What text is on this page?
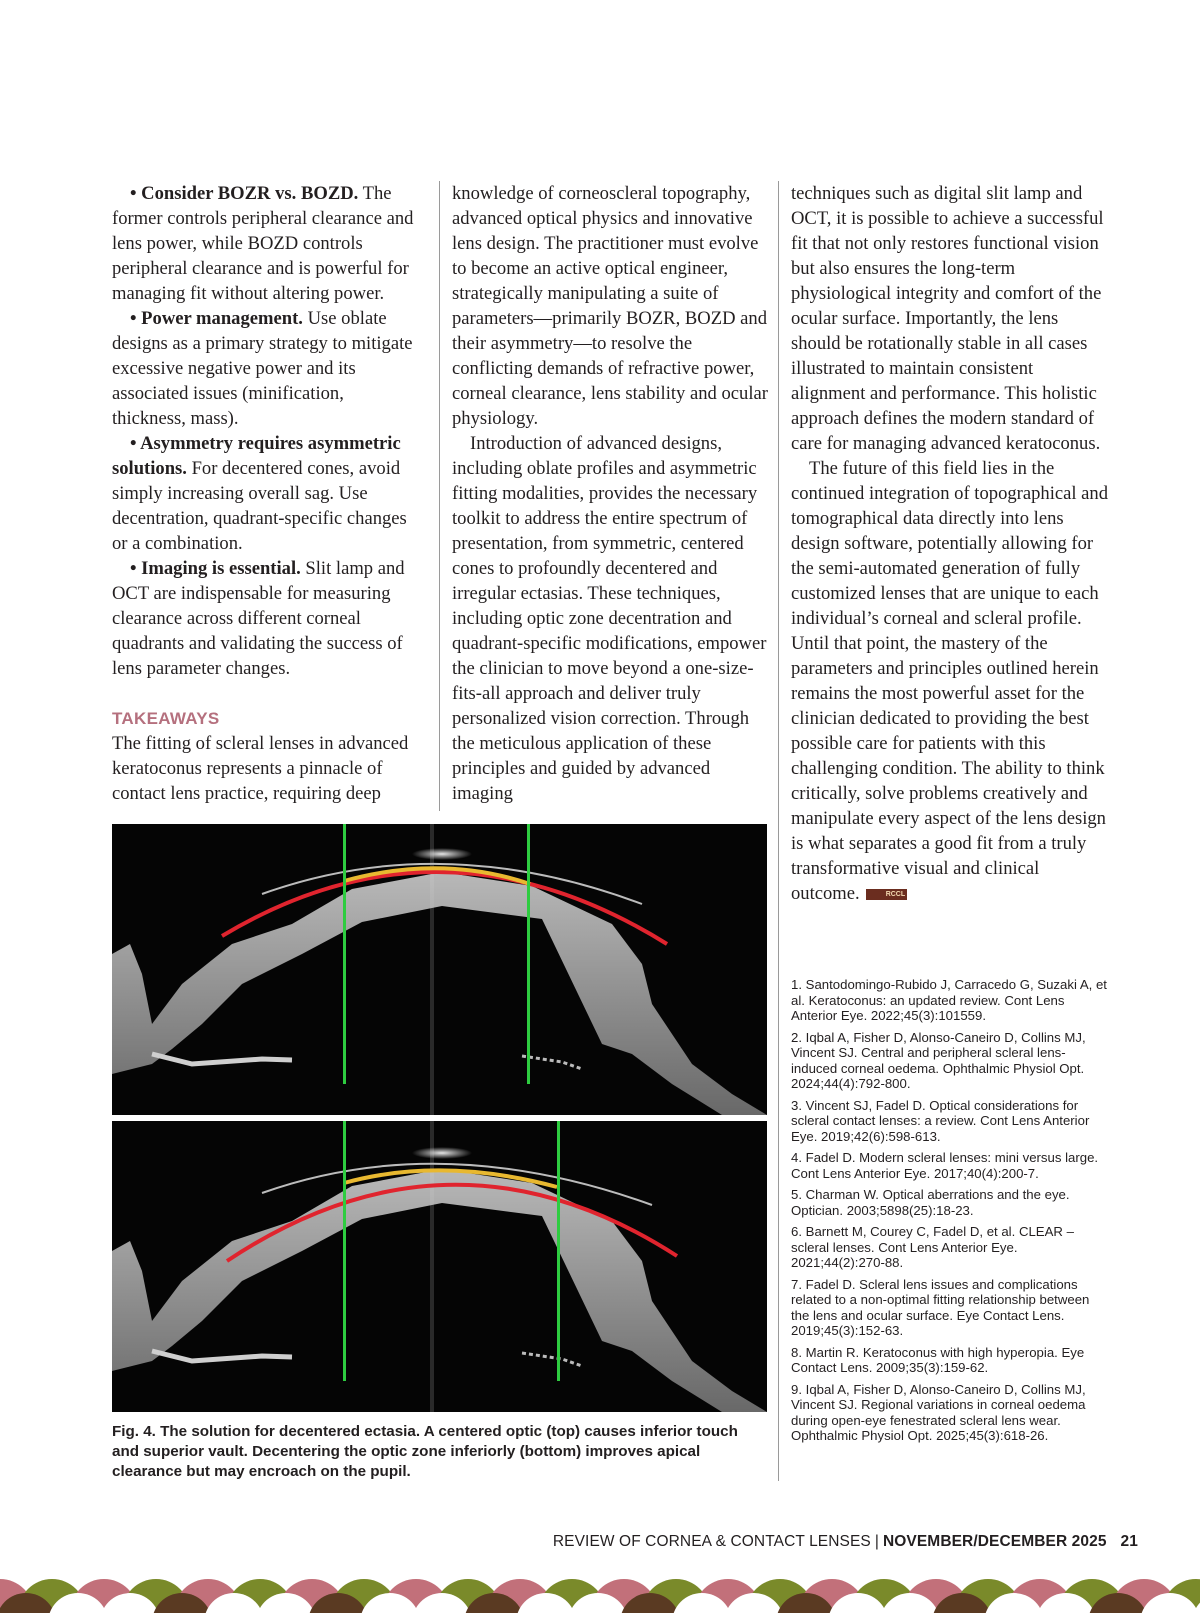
• Consider BOZR vs. BOZD. The former controls peripheral clearance and lens power, while BOZD controls peripheral clearance and is powerful for managing fit without altering power.

• Power management. Use oblate designs as a primary strategy to mitigate excessive negative power and its associated issues (minification, thickness, mass).

• Asymmetry requires asymmetric solutions. For decentered cones, avoid simply increasing overall sag. Use decentration, quadrant-specific changes or a combination.

• Imaging is essential. Slit lamp and OCT are indispensable for measuring clearance across different corneal quadrants and validating the success of lens parameter changes.

TAKEAWAYS

The fitting of scleral lenses in advanced keratoconus represents a pinnacle of contact lens practice, requiring deep

knowledge of corneoscleral topography, advanced optical physics and innovative lens design. The practitioner must evolve to become an active optical engineer, strategically manipulating a suite of parameters—primarily BOZR, BOZD and their asymmetry—to resolve the conflicting demands of refractive power, corneal clearance, lens stability and ocular physiology.

Introduction of advanced designs, including oblate profiles and asymmetric fitting modalities, provides the necessary toolkit to address the entire spectrum of presentation, from symmetric, centered cones to profoundly decentered and irregular ectasias. These techniques, including optic zone decentration and quadrant-specific modifications, empower the clinician to move beyond a one-size-fits-all approach and deliver truly personalized vision correction. Through the meticulous application of these principles and guided by advanced imaging

techniques such as digital slit lamp and OCT, it is possible to achieve a successful fit that not only restores functional vision but also ensures the long-term physiological integrity and comfort of the ocular surface. Importantly, the lens should be rotationally stable in all cases illustrated to maintain consistent alignment and performance. This holistic approach defines the modern standard of care for managing advanced keratoconus.

The future of this field lies in the continued integration of topographical and tomographical data directly into lens design software, potentially allowing for the semi-automated generation of fully customized lenses that are unique to each individual’s corneal and scleral profile. Until that point, the mastery of the parameters and principles outlined herein remains the most powerful asset for the clinician dedicated to providing the best possible care for patients with this challenging condition. The ability to think critically, solve problems creatively and manipulate every aspect of the lens design is what separates a good fit from a truly transformative visual and clinical outcome.	RCCL

Fig. 4. The solution for decentered ectasia. A centered optic (top) causes inferior touch and superior vault. Decentering the optic zone inferiorly (bottom) improves apical clearance but may encroach on the pupil.
1. Santodomingo-Rubido J, Carracedo G, Suzaki A, et al. Keratoconus: an updated review. Cont Lens Anterior Eye. 2022;45(3):101559.
2. Iqbal A, Fisher D, Alonso-Caneiro D, Collins MJ, Vincent SJ. Central and peripheral scleral lens-induced corneal oedema. Ophthalmic Physiol Opt. 2024;44(4):792-800.
3. Vincent SJ, Fadel D. Optical considerations for scleral contact lenses: a review. Cont Lens Anterior Eye. 2019;42(6):598-613.
4. Fadel D. Modern scleral lenses: mini versus large. Cont Lens Anterior Eye. 2017;40(4):200-7.
5. Charman W. Optical aberrations and the eye. Optician. 2003;5898(25):18-23.
6. Barnett M, Courey C, Fadel D, et al. CLEAR – scleral lenses. Cont Lens Anterior Eye. 2021;44(2):270-88.
7. Fadel D. Scleral lens issues and complications related to a non-optimal fitting relationship between the lens and ocular surface. Eye Contact Lens. 2019;45(3):152-63.
8. Martin R. Keratoconus with high hyperopia. Eye Contact Lens. 2009;35(3):159-62.
9. Iqbal A, Fisher D, Alonso-Caneiro D, Collins MJ, Vincent SJ. Regional variations in corneal oedema during open-eye fenestrated scleral lens wear. Ophthalmic Physiol Opt. 2025;45(3):618-26.
REVIEW OF CORNEA & CONTACT LENSES | NOVEMBER/DECEMBER 2025 21
